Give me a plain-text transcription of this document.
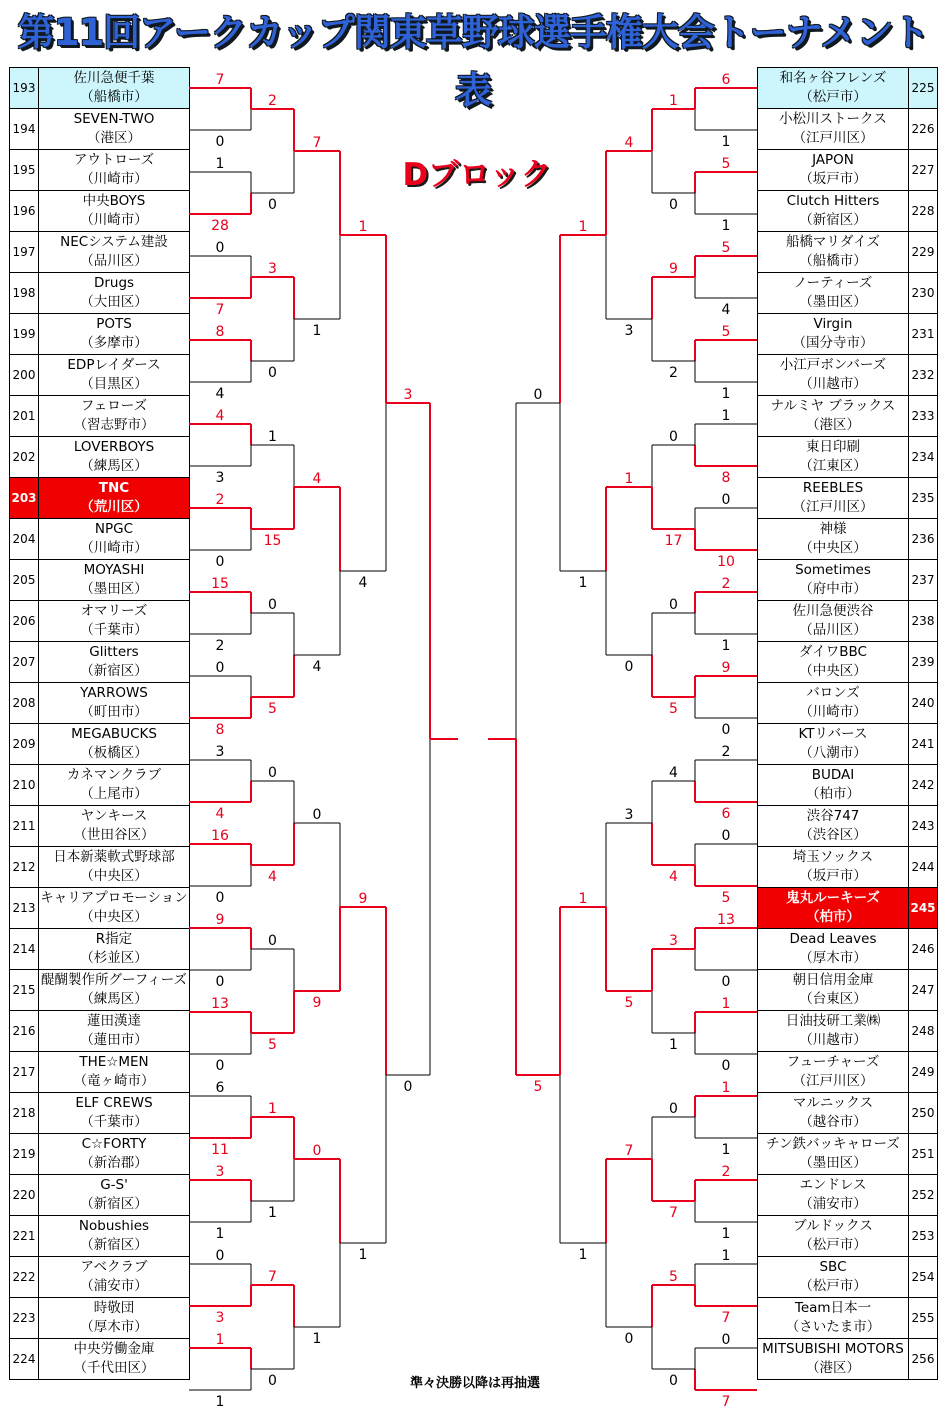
第11回アークカップ関東草野球選手権大会トーナメント表
193	佐川急便千葉
（船橋市）

194	SEVEN-TWO
（港区）

195	アウトローズ
（川崎市）

196	中央BOYS
（川崎市）

197	NECシステム建設
（品川区）

198	Drugs
（大田区）

199	POTS
（多摩市）

200	EDPレイダース
（目黒区）

201	フェローズ
（習志野市）

202	LOVERBOYS
（練馬区）

203	TNC
（荒川区）

204	NPGC
（川崎市）

205	MOYASHI
（墨田区）

206	オマリーズ
（千葉市）

207	Glitters
（新宿区）

208	YARROWS
（町田市）

209	MEGABUCKS
（板橋区）

210	カネマンクラブ
（上尾市）

211	ヤンキース
（世田谷区）

212	日本新薬軟式野球部
（中央区）

213	キャリアプロモーション
（中央区）

214	R指定
（杉並区）

215	醍醐製作所グーフィーズ
（練馬区）

216	蓮田漢達
（蓮田市）

217	THE☆MEN
（竜ヶ崎市）

218	ELF CREWS
（千葉市）

219	C☆FORTY
（新治郡）

220	G-S'
（新宿区）

221	Nobushies
（新宿区）

222	アベクラブ
（浦安市）

223	時敬団
（厚木市）

224	中央労働金庫
（千代田区）
和名ヶ谷フレンズ
（松戸市）	225

小松川ストークス
（江戸川区）	226

JAPON
（坂戸市）	227

Clutch Hitters
（新宿区）	228

船橋マリダイズ
（船橋市）	229

ノーティーズ
（墨田区）	230

Virgin
（国分寺市）	231

小江戸ボンバーズ
（川越市）	232

ナルミヤ ブラックス
（港区）	233

東日印刷
（江東区）	234

REEBLES
（江戸川区）	235

神様
（中央区）	236

Sometimes
（府中市）	237

佐川急便渋谷
（品川区）	238

ダイワBBC
（中央区）	239

バロンズ
（川崎市）	240

KTリバース
（八潮市）	241

BUDAI
（柏市）	242

渋谷747
（渋谷区）	243

埼玉ソックス
（坂戸市）	244

鬼丸ルーキーズ
（柏市）	245

Dead Leaves
（厚木市）	246

朝日信用金庫
（台東区）	247

日油技研工業㈱
（川越市）	248

フューチャーズ
（江戸川区）	249

マルニックス
（越谷市）	250

チン鉄バッキャローズ
（墨田区）	251

エンドレス
（浦安市）	252

ブルドックス
（松戸市）	253

SBC
（松戸市）	254

Team日本一
（さいたま市）	255

MITSUBISHI MOTORS
（港区）	256
7
0
1
28
0
7
8
4
4
3
2
0
15
2
0
8
3
4
16
0
9
0
13
0
6
11
3
1
0
3
1
1
2
0
3
0
1
15
0
5
0
4
0
5
1
1
7
0
7
1
4
4
0
9
0
1
1
4
9
1
3
0
6
1
5
1
5
4
5
1
1
8
0
10
2
1
9
0
2
6
0
5
13
0
1
0
1
1
2
1
1
7
0
7
1
0
9
2
0
17
0
5
4
4
3
1
0
7
5
0
4
3
1
0
3
5
7
0
1
1
1
1
0
5
Dブロック
準々決勝以降は再抽選
